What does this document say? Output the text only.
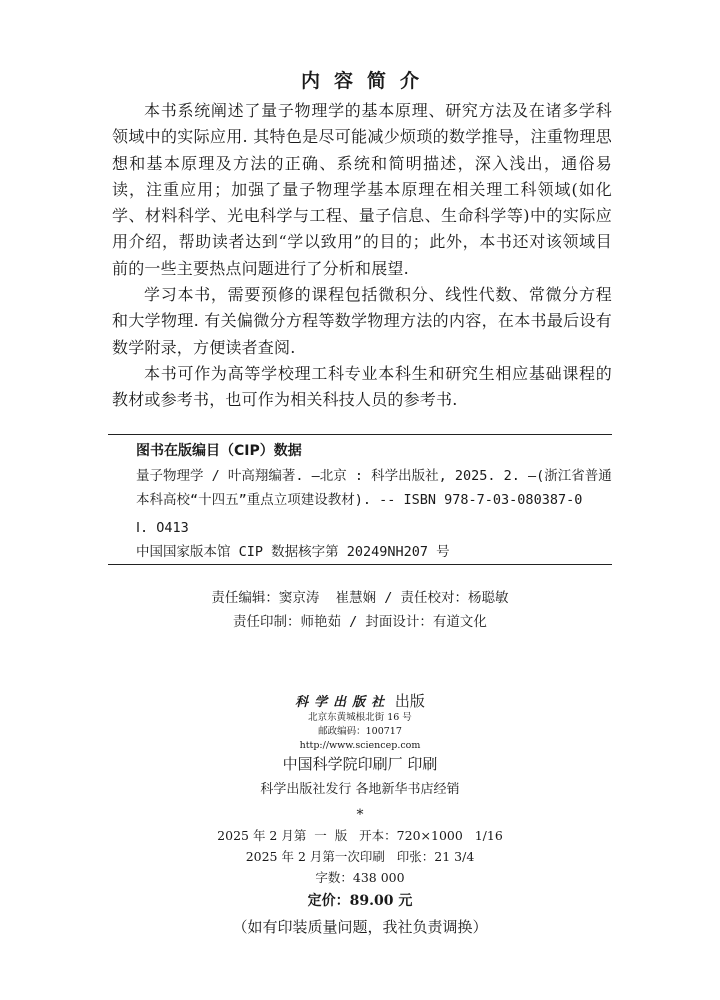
内容简介

本书系统阐述了量子物理学的基本原理、研究方法及在诸多学科领域中的实际应用. 其特色是尽可能减少烦琐的数学推导，注重物理思想和基本原理及方法的正确、系统和简明描述，深入浅出，通俗易读，注重应用；加强了量子物理学基本原理在相关理工科领域(如化学、材料科学、光电科学与工程、量子信息、生命科学等)中的实际应用介绍，帮助读者达到“学以致用”的目的；此外，本书还对该领域目前的一些主要热点问题进行了分析和展望.

学习本书，需要预修的课程包括微积分、线性代数、常微分方程和大学物理. 有关偏微分方程等数学物理方法的内容，在本书最后设有数学附录，方便读者查阅.

本书可作为高等学校理工科专业本科生和研究生相应基础课程的教材或参考书，也可作为相关科技人员的参考书.

图书在版编目（CIP）数据
量子物理学 / 叶高翔编著. —北京 : 科学出版社, 2025. 2. —(浙江省普通本科高校“十四五”重点立项建设教材). -- ISBN 978-7-03-080387-0
Ⅰ. O413
中国国家版本馆 CIP 数据核字第 20249NH207 号
责任编辑：窦京涛  崔慧娴 / 责任校对：杨聪敏
责任印制：师艳茹 / 封面设计：有道文化
科学出版社 出版
北京东黄城根北街 16 号
邮政编码：100717
http://www.sciencep.com
中国科学院印刷厂 印刷
科学出版社发行 各地新华书店经销
*
2025 年 2 月第  一  版   开本：720×1000   1/16
2025 年 2 月第一次印刷   印张：21 3/4
字数：438 000
定价：89.00 元
（如有印装质量问题，我社负责调换）
